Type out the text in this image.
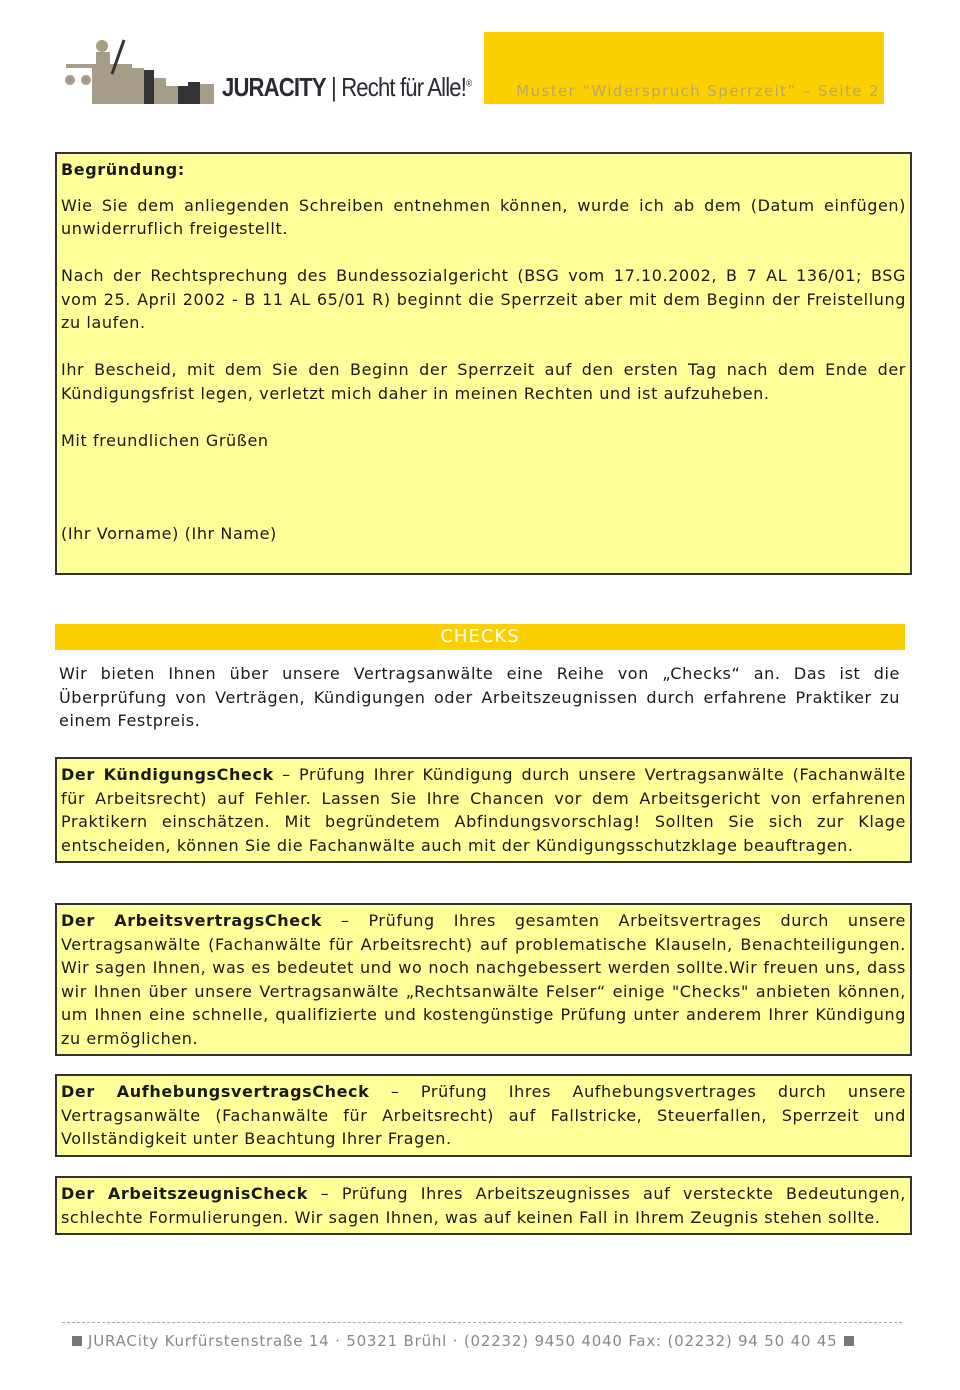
JURACITY | Recht für Alle!®	Muster “Widerspruch Sperrzeit” – Seite 2

Begründung:

Wie Sie dem anliegenden Schreiben entnehmen können, wurde ich ab dem (Datum einfügen) unwiderruflich freigestellt.

Nach der Rechtsprechung des Bundessozialgericht (BSG vom 17.10.2002, B 7 AL 136/01; BSG vom 25. April 2002 - B 11 AL 65/01 R) beginnt die Sperrzeit aber mit dem Beginn der Freistellung zu laufen.

Ihr Bescheid, mit dem Sie den Beginn der Sperrzeit auf den ersten Tag nach dem Ende der Kündigungsfrist legen, verletzt mich daher in meinen Rechten und ist aufzuheben.

Mit freundlichen Grüßen

(Ihr Vorname) (Ihr Name)

CHECKS
Wir bieten Ihnen über unsere Vertragsanwälte eine Reihe von „Checks“ an. Das ist die Überprüfung von Verträgen, Kündigungen oder Arbeitszeugnissen durch erfahrene Praktiker zu einem Festpreis.
Der KündigungsCheck – Prüfung Ihrer Kündigung durch unsere Vertragsanwälte (Fachanwälte für Arbeitsrecht) auf Fehler. Lassen Sie Ihre Chancen vor dem Arbeitsgericht von erfahrenen Praktikern einschätzen. Mit begründetem Abfindungsvorschlag! Sollten Sie sich zur Klage entscheiden, können Sie die Fachanwälte auch mit der Kündigungsschutzklage beauftragen.
Der ArbeitsvertragsCheck – Prüfung Ihres gesamten Arbeitsvertrages durch unsere Vertragsanwälte (Fachanwälte für Arbeitsrecht) auf problematische Klauseln, Benachteiligungen. Wir sagen Ihnen, was es bedeutet und wo noch nachgebessert werden sollte.Wir freuen uns, dass wir Ihnen über unsere Vertragsanwälte „Rechtsanwälte Felser“ einige "Checks" anbieten können, um Ihnen eine schnelle, qualifizierte und kostengünstige Prüfung unter anderem Ihrer Kündigung zu ermöglichen.
Der AufhebungsvertragsCheck – Prüfung Ihres Aufhebungsvertrages durch unsere Vertragsanwälte (Fachanwälte für Arbeitsrecht) auf Fallstricke, Steuerfallen, Sperrzeit und Vollständigkeit unter Beachtung Ihrer Fragen.
Der ArbeitszeugnisCheck – Prüfung Ihres Arbeitszeugnisses auf versteckte Bedeutungen, schlechte Formulierungen. Wir sagen Ihnen, was auf keinen Fall in Ihrem Zeugnis stehen sollte.
JURACity Kurfürstenstraße 14 · 50321 Brühl · (02232) 9450 4040 Fax: (02232) 94 50 40 45
